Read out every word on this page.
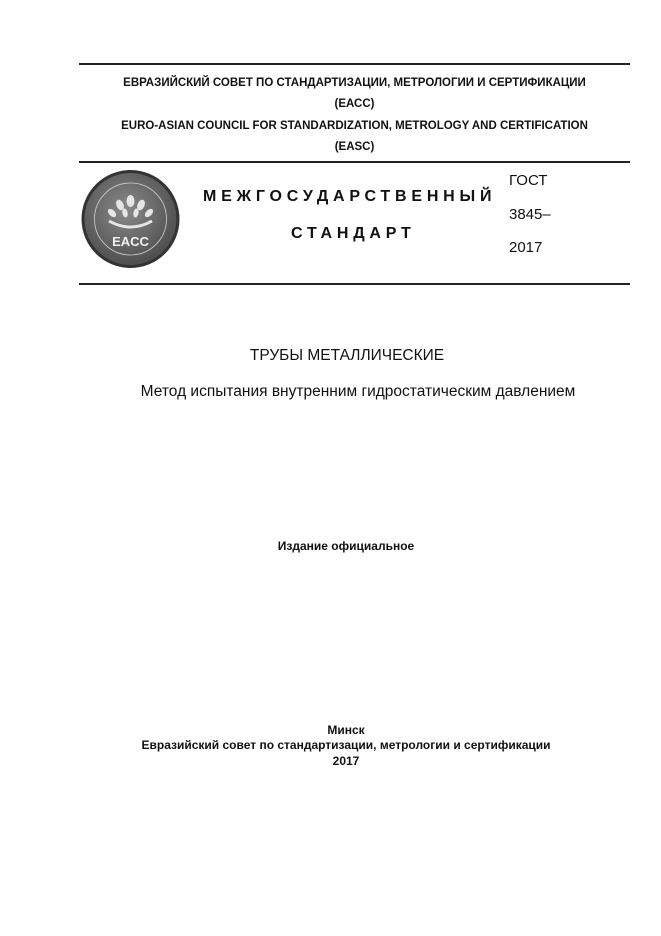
ЕВРАЗИЙСКИЙ СОВЕТ ПО СТАНДАРТИЗАЦИИ, МЕТРОЛОГИИ И СЕРТИФИКАЦИИ
(ЕАСС)
EURO-ASIAN COUNCIL FOR STANDARDIZATION, METROLOGY AND CERTIFICATION
(EASC)
EACC
МЕЖГОСУДАРСТВЕННЫЙ
СТАНДАРТ
ГОСТ
3845–
2017
ТРУБЫ МЕТАЛЛИЧЕСКИЕ
Метод испытания внутренним гидростатическим давлением
Издание официальное
Минск
Евразийский совет по стандартизации, метрологии и сертификации
2017
